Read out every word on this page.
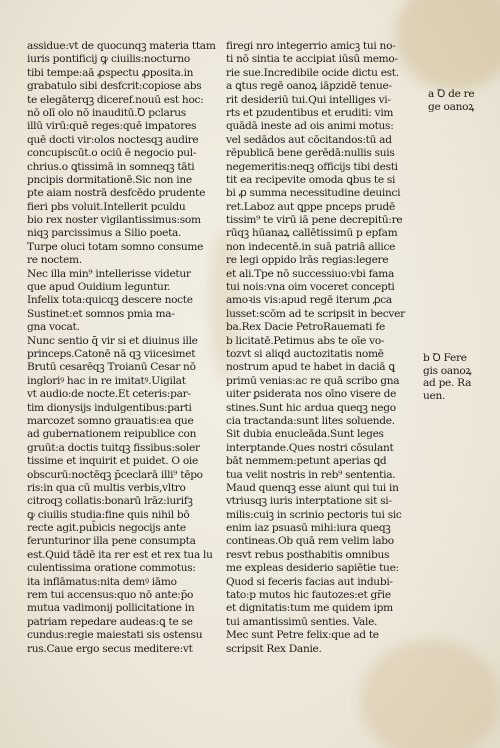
assidue:vt de quocunqꝫ materia ttam
iuris pontificij ꝙ ciuilis:nocturno
tibi tempe:aā ꝓspectu ꝓposita.in
grabatulo sibi desfcrit:copiose abs
te elegāterqꝫ diceref.nouū est hoc:
nō olī olo nō inauditū.Ꝺ pclarus
illū virū:quē reges:quē impatores
quē docti vir:olos noctesqꝫ audire
concupiscūt.o ociū ē negocio pul-
chrius.o ꝗtissimā in somneqꝫ tāti
pncipis dormitationē.Sic non ine
pte aiam nostrā desfcēdo prudente
fieri pbs voluit.Intellerit pculdu
bio rex noster vigilantissimus:som
niqꝫ parcissimus a Silio poeta.
Turpe oluci totam somno consume
re noctem.
Nec illa min⁹ intellerisse videtur
que apud Ouidium leguntur.
Infelix tota:quicqꝫ descere nocte
Sustinet:et somnos pmia ma-
gna vocat.
Nunc sentio q̄ vir si et diuinus ille
princeps.Catonē nā qꝫ viicesimet
Brutū cesarēqꝫ Troianū Cesar nō
ingloriꝰ hac in re imitatꝰ.Uigilat
vt audio:de nocte.Et ceteris:par-
tim dionysijs indulgentibus:parti
marcozet somno grauatis:ea que
ad gubernationem reipublice con
gruūt:a doctis tuitqꝫ fissibus:soler
tissime et inquirit et puidet. O oie
obscurū:noctēqꝫ p̄ceclarā illi⁹ tēpo
ris:in qua cū multis verbis,vltro
citroqꝫ collatis:bonarū lrāz:iurifꝫ
ꝙ ciuilis studia:fine quis nihil bō
recte agit.pub̄icis negocijs ante
ferunturinor illa pene consumpta
est.Quid tādē ita rer est et rex tua lu
culentissima oratione commotus:
ita inflāmatus:nita demꝰ iāmo
rem tui accensus:quo nō ante:p̄o
mutua vadimonij pollicitatione in
patriam repedare audeas:ꝗ te se
cundus:regie maiestati sis ostensu
rus.Caue ergo secus meditere:vt
firegi nro integerrio amicꝫ tui no-
ti nō sintia te accipiat iūsū memo-
rie sue.Incredibile ocide dictu est.
a ꝗtus regē oanoꝝ iāpzidē tenue-
rit desideriū tui.Qui intelliges vi-
rts et pzudentibus et eruditi: vim
quādā ineste ad ois animi motus:
vel sedādos aut cōcitandos:tū ad
rēpublicā bene gerēdā:nullis suis
negemeritis:neqꝫ officijs tibi desti
tit ea recipevite omoda ꝗbus te si
bi ꝓ summa necessitudine deuinci
ret.Laboz aut ꝗppe pnceps prudē
tissim⁹ te virū iā pene decrepitū:re
rūqꝫ hūanaꝝ callētissimū p epfam
non indecentē.in suā patriā allice
re legi oppido lrās regias:legere
et ali.Tpe nō successiuo:vbi fama
tui nois:vna oim voceret concepti
amoꝛis vis:apud regē iterum ꝓca
lusset:scōm ad te scripsit in becver
ba.Rex Dacie PetroRauemati fe
b licitatē.Petimus abs te oīe vo-
tozvt si aliqd auctozitatis nomē
nostrum apud te habet in daciā ꝗ
primū venias:ac re quā scribo gna
uiter ꝑsiderata nos oīno visere de
stines.Sunt hic ardua queqꝫ nego
cia tractanda:sunt lites soluende.
Sit dubia enucleāda.Sunt leges
interptande.Ques nostri cōsulant
bāt nemmem:petunt aperias ꝗd
tua velit nostris in reb⁹ sententia.
Maud quenqꝫ esse aiunt qui tui in
vtriusqꝫ iuris interptatione sit si-
milis:cuiꝫ in scrinio pectoris tui sic
enim iaz psuasū mihi:iura queqꝫ
contineas.Ob quā rem velim labo
resvt rebus posthabitis omnibus
me expleas desiderio sapiētie tue:
Quod si feceris facias aut indubi-
tato:p mutos hic fautozes:et gr̄ie
et dignitatis:tum me quidem ipm
tui amantissimū senties. Vale.
Mec sunt Petre felix:que ad te
scripsit Rex Danie.
a Ꝺ de re
ge oanoꝝ
b Ꝺ Fere
gis oanoꝝ
ad pe. Ra
uen.
